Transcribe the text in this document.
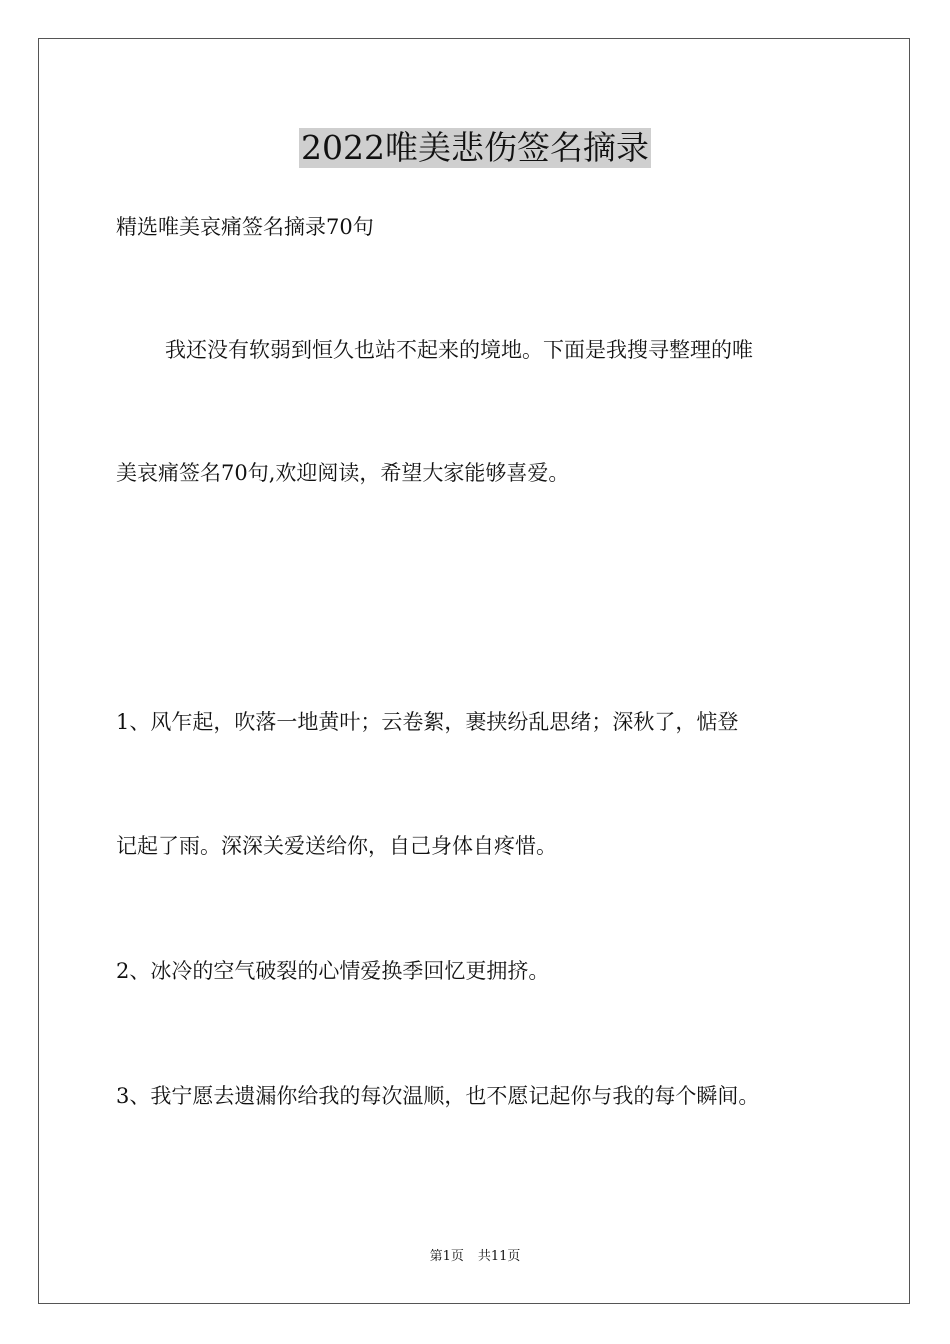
2022唯美悲伤签名摘录
精选唯美哀痛签名摘录70句
我还没有软弱到恒久也站不起来的境地。下面是我搜寻整理的唯
美哀痛签名70句,欢迎阅读，希望大家能够喜爱。
1、风乍起，吹落一地黄叶；云卷絮，裹挟纷乱思绪；深秋了，惦登
记起了雨。深深关爱送给你，自己身体自疼惜。
2、冰冷的空气破裂的心情爱换季回忆更拥挤。
3、我宁愿去遗漏你给我的每次温顺，也不愿记起你与我的每个瞬间。
第1页 共11页
